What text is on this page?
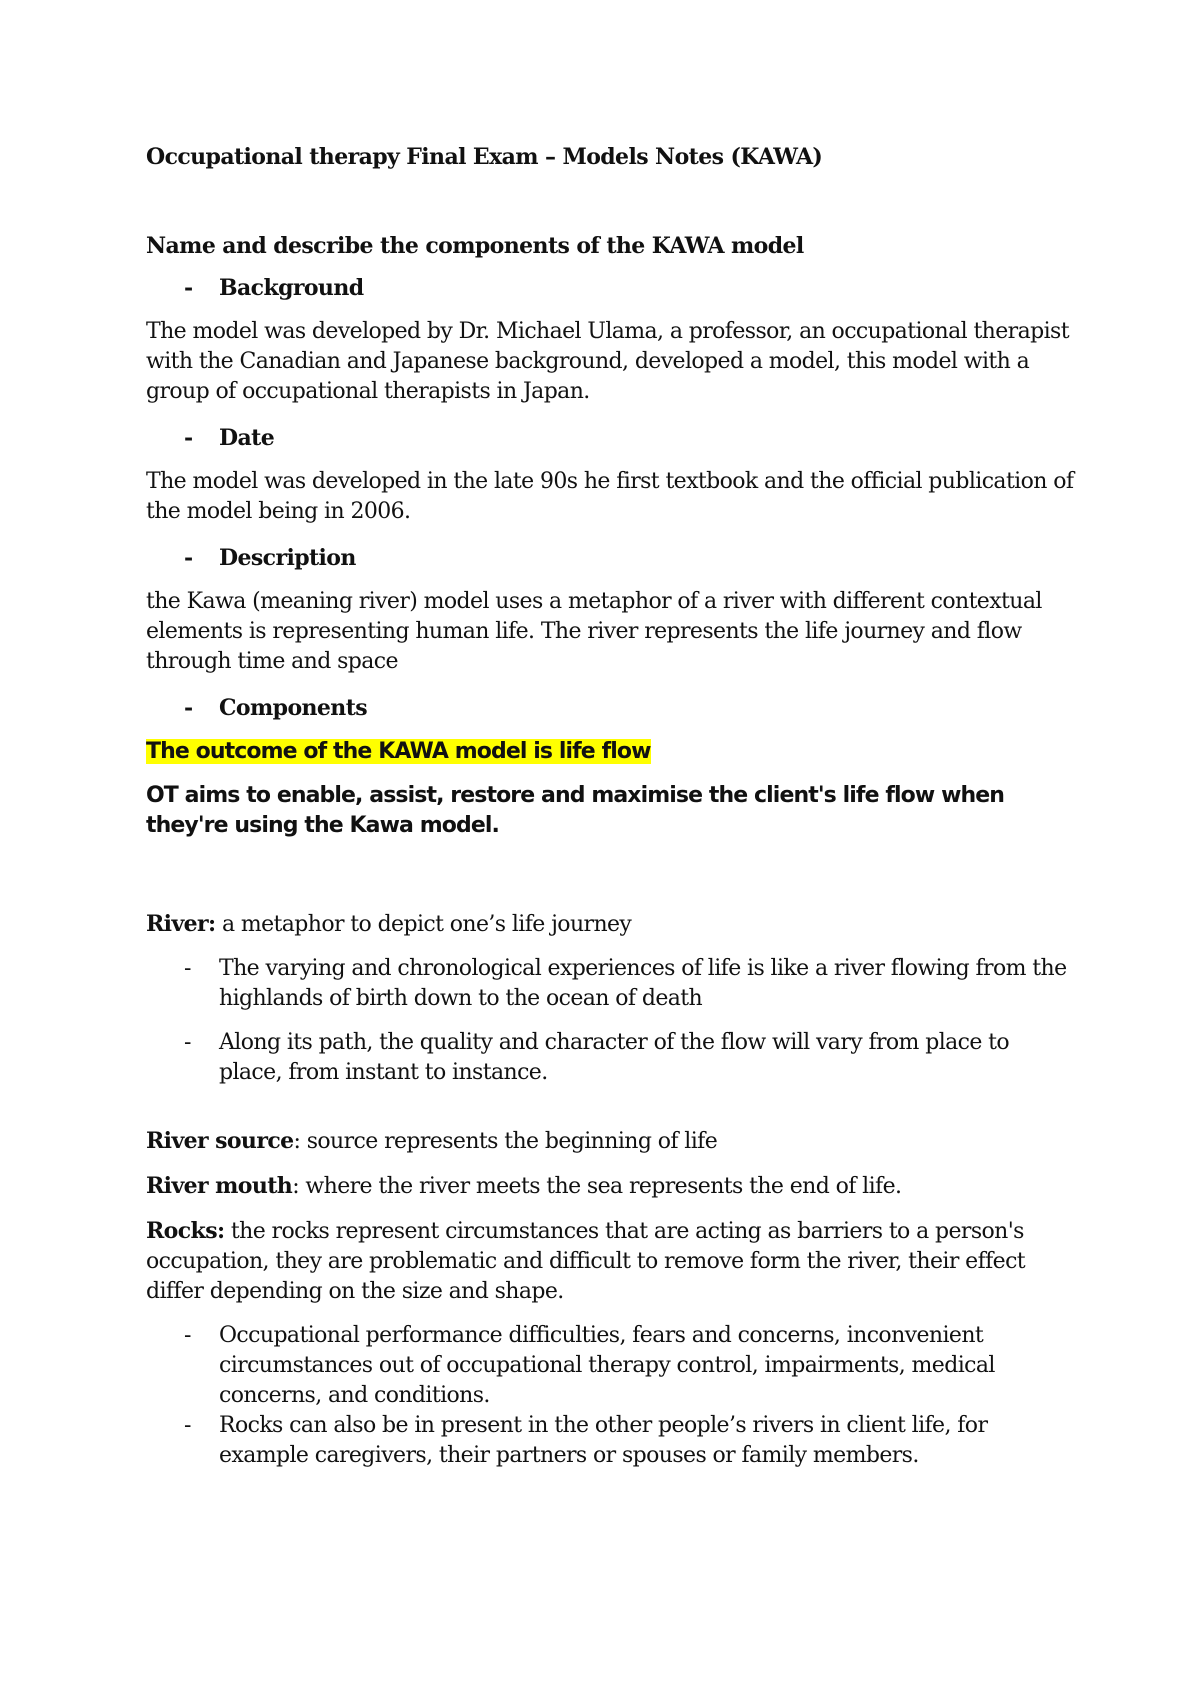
Occupational therapy Final Exam – Models Notes (KAWA)
Name and describe the components of the KAWA model
- Background
The model was developed by Dr. Michael Ulama, a professor, an occupational therapist with the Canadian and Japanese background, developed a model, this model with a group of occupational therapists in Japan.
- Date
The model was developed in the late 90s he first textbook and the official publication of the model being in 2006.
- Description
the Kawa (meaning river) model uses a metaphor of a river with different contextual elements is representing human life. The river represents the life journey and flow through time and space
- Components
The outcome of the KAWA model is life flow
OT aims to enable, assist, restore and maximise the client's life flow when they're using the Kawa model.
River: a metaphor to depict one’s life journey
- The varying and chronological experiences of life is like a river flowing from the highlands of birth down to the ocean of death
- Along its path, the quality and character of the flow will vary from place to place, from instant to instance.
River source: source represents the beginning of life
River mouth: where the river meets the sea represents the end of life.
Rocks: the rocks represent circumstances that are acting as barriers to a person's occupation, they are problematic and difficult to remove form the river, their effect differ depending on the size and shape.
- Occupational performance difficulties, fears and concerns, inconvenient circumstances out of occupational therapy control, impairments, medical concerns, and conditions.
- Rocks can also be in present in the other people’s rivers in client life, for example caregivers, their partners or spouses or family members.
